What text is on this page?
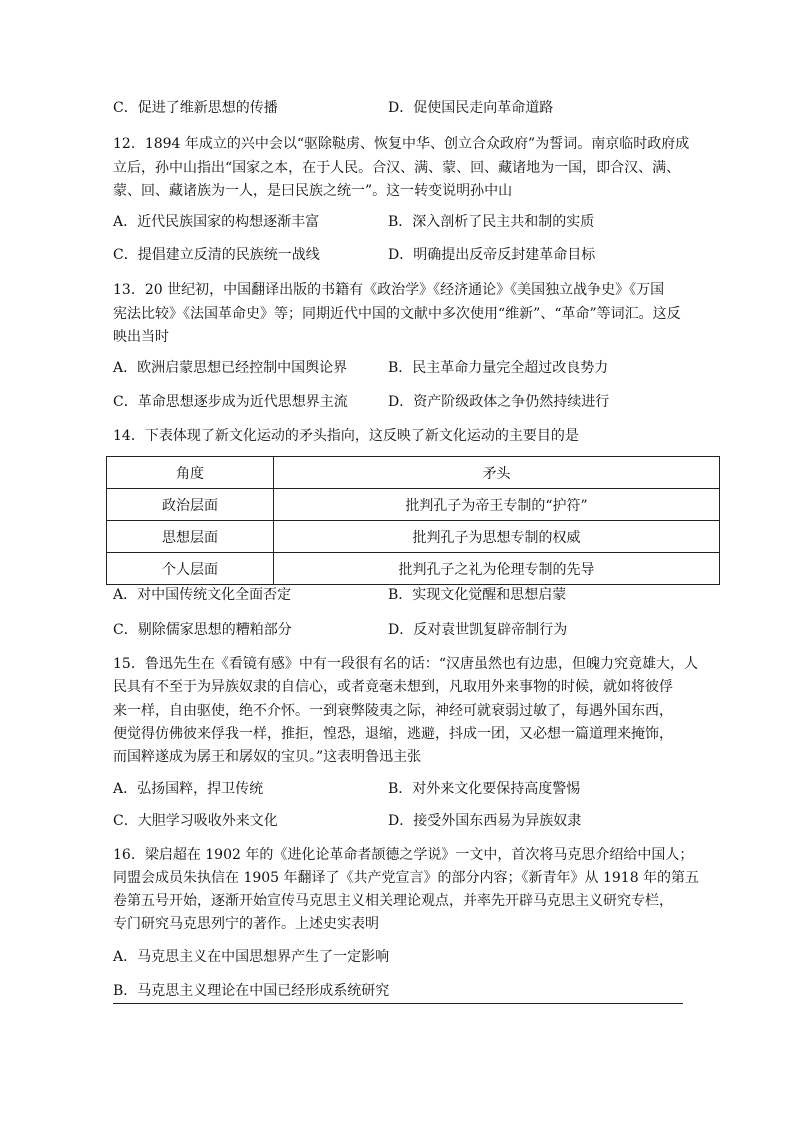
C．促进了维新思想的传播	D．促使国民走向革命道路
12．1894 年成立的兴中会以“驱除鞑虏、恢复中华、创立合众政府”为誓词。南京临时政府成
立后，孙中山指出“国家之本，在于人民。合汉、满、蒙、回、藏诸地为一国，即合汉、满、
蒙、回、藏诸族为一人，是曰民族之统一”。这一转变说明孙中山
A．近代民族国家的构想逐渐丰富	B．深入剖析了民主共和制的实质
C．提倡建立反清的民族统一战线	D．明确提出反帝反封建革命目标
13．20 世纪初，中国翻译出版的书籍有《政治学》《经济通论》《美国独立战争史》《万国
宪法比较》《法国革命史》等；同期近代中国的文献中多次使用“维新”、“革命”等词汇。这反
映出当时
A．欧洲启蒙思想已经控制中国舆论界	B．民主革命力量完全超过改良势力
C．革命思想逐步成为近代思想界主流	D．资产阶级政体之争仍然持续进行
14．下表体现了新文化运动的矛头指向，这反映了新文化运动的主要目的是
角度	矛头
政治层面	批判孔子为帝王专制的“护符”
思想层面	批判孔子为思想专制的权威
个人层面	批判孔子之礼为伦理专制的先导
A．对中国传统文化全面否定	B．实现文化觉醒和思想启蒙
C．剔除儒家思想的糟粕部分	D．反对袁世凯复辟帝制行为
15．鲁迅先生在《看镜有感》中有一段很有名的话：“汉唐虽然也有边患，但魄力究竟雄大，人
民具有不至于为异族奴隶的自信心，或者竟毫未想到，凡取用外来事物的时候，就如将彼俘
来一样，自由驱使，绝不介怀。一到衰弊陵夷之际，神经可就衰弱过敏了，每遇外国东西，
便觉得仿佛彼来俘我一样，推拒，惶恐，退缩，逃避，抖成一团，又必想一篇道理来掩饰，
而国粹遂成为孱王和孱奴的宝贝。”这表明鲁迅主张
A．弘扬国粹，捍卫传统	B．对外来文化要保持高度警惕
C．大胆学习吸收外来文化	D．接受外国东西易为异族奴隶
16．梁启超在 1902 年的《进化论革命者颉德之学说》一文中，首次将马克思介绍给中国人；
同盟会成员朱执信在 1905 年翻译了《共产党宣言》的部分内容；《新青年》从 1918 年的第五
卷第五号开始，逐渐开始宣传马克思主义相关理论观点，并率先开辟马克思主义研究专栏，
专门研究马克思列宁的著作。上述史实表明
A．马克思主义在中国思想界产生了一定影响
B．马克思主义理论在中国已经形成系统研究
